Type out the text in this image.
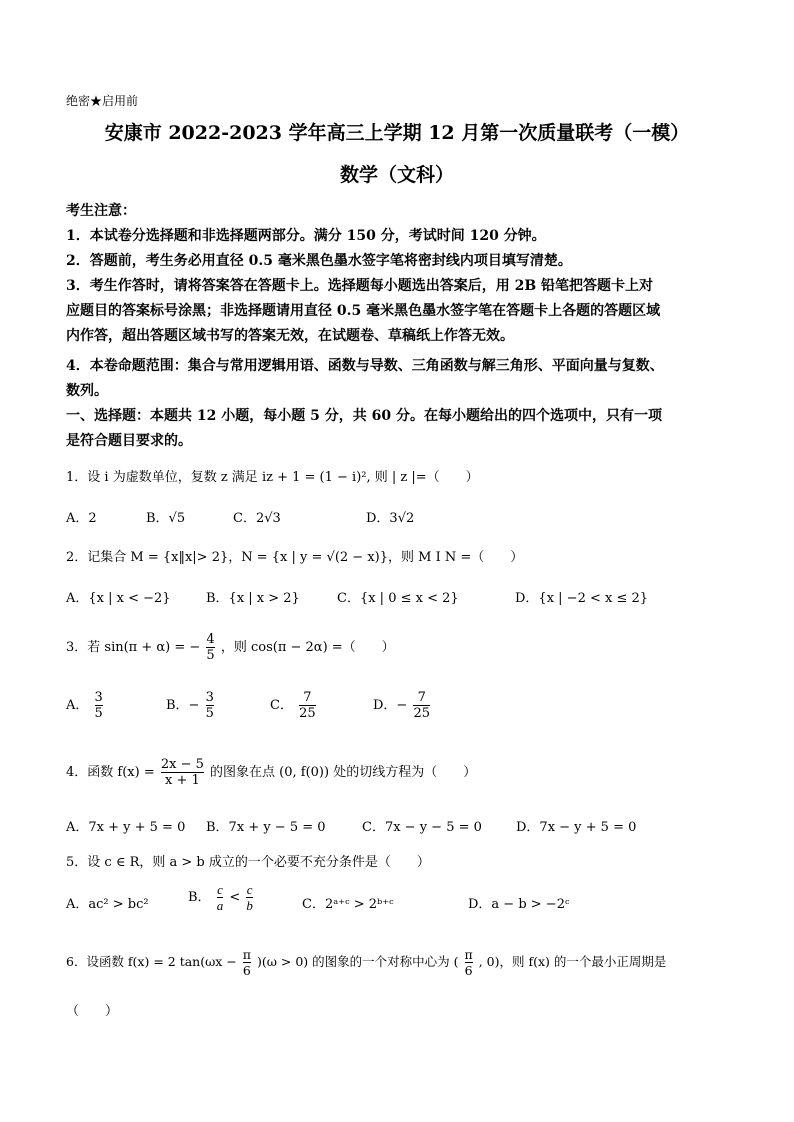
绝密★启用前
安康市 2022-2023 学年高三上学期 12 月第一次质量联考（一模）
数学（文科）
考生注意：
1．本试卷分选择题和非选择题两部分。满分 150 分，考试时间 120 分钟。
2．答题前，考生务必用直径 0.5 毫米黑色墨水签字笔将密封线内项目填写清楚。
3．考生作答时，请将答案答在答题卡上。选择题每小题选出答案后，用 2B 铅笔把答题卡上对
应题目的答案标号涂黑；非选择题请用直径 0.5 毫米黑色墨水签字笔在答题卡上各题的答题区域
内作答，超出答题区域书写的答案无效，在试题卷、草稿纸上作答无效。
4．本卷命题范围：集合与常用逻辑用语、函数与导数、三角函数与解三角形、平面向量与复数、
数列。
一、选择题：本题共 12 小题，每小题 5 分，共 60 分。在每小题给出的四个选项中，只有一项
是符合题目要求的。
1．设 i 为虚数单位，复数 z 满足 iz + 1 = (1 − i)², 则 | z |=（　　）
A．2	B．√5	C．2√3	D．3√2
2．记集合 M = {x‖x|> 2}，N = {x | y = √(2 − x)}，则 M I N =（　　）
A．{x | x < −2}	B．{x | x > 2}	C．{x | 0 ≤ x < 2}	D．{x | −2 < x ≤ 2}
3．若 sin(π + α) = − $\frac{4}{5}$ ，则 cos(π − 2α) =（　　）
A． $\frac{3}{5}$	B．− $\frac{3}{5}$	C． $\frac{7}{25}$	D．− $\frac{7}{25}$
4．函数 $f(x) = \frac{2x - 5}{x + 1}$ 的图象在点 (0, f(0)) 处的切线方程为（　　）
A．7x + y + 5 = 0 B．7x + y − 5 = 0	C．7x − y − 5 = 0	D．7x − y + 5 = 0
5．设 c ∈ R，则 a > b 成立的一个必要不充分条件是（　　）
A．ac² > bc²	B． $\frac{c}{a} < \frac{c}{b}$	C．2ᵃ⁺ᶜ > 2ᵇ⁺ᶜ	D．a − b > −2ᶜ
6．设函数 f(x) = 2 $\tan(\omega x - \frac{\pi}{6} )(\omega > 0)$ 的图象的一个对称中心为 ( $\frac{\pi}{6}$ , 0)，则 f(x) 的一个最小正周期是
（　　）
